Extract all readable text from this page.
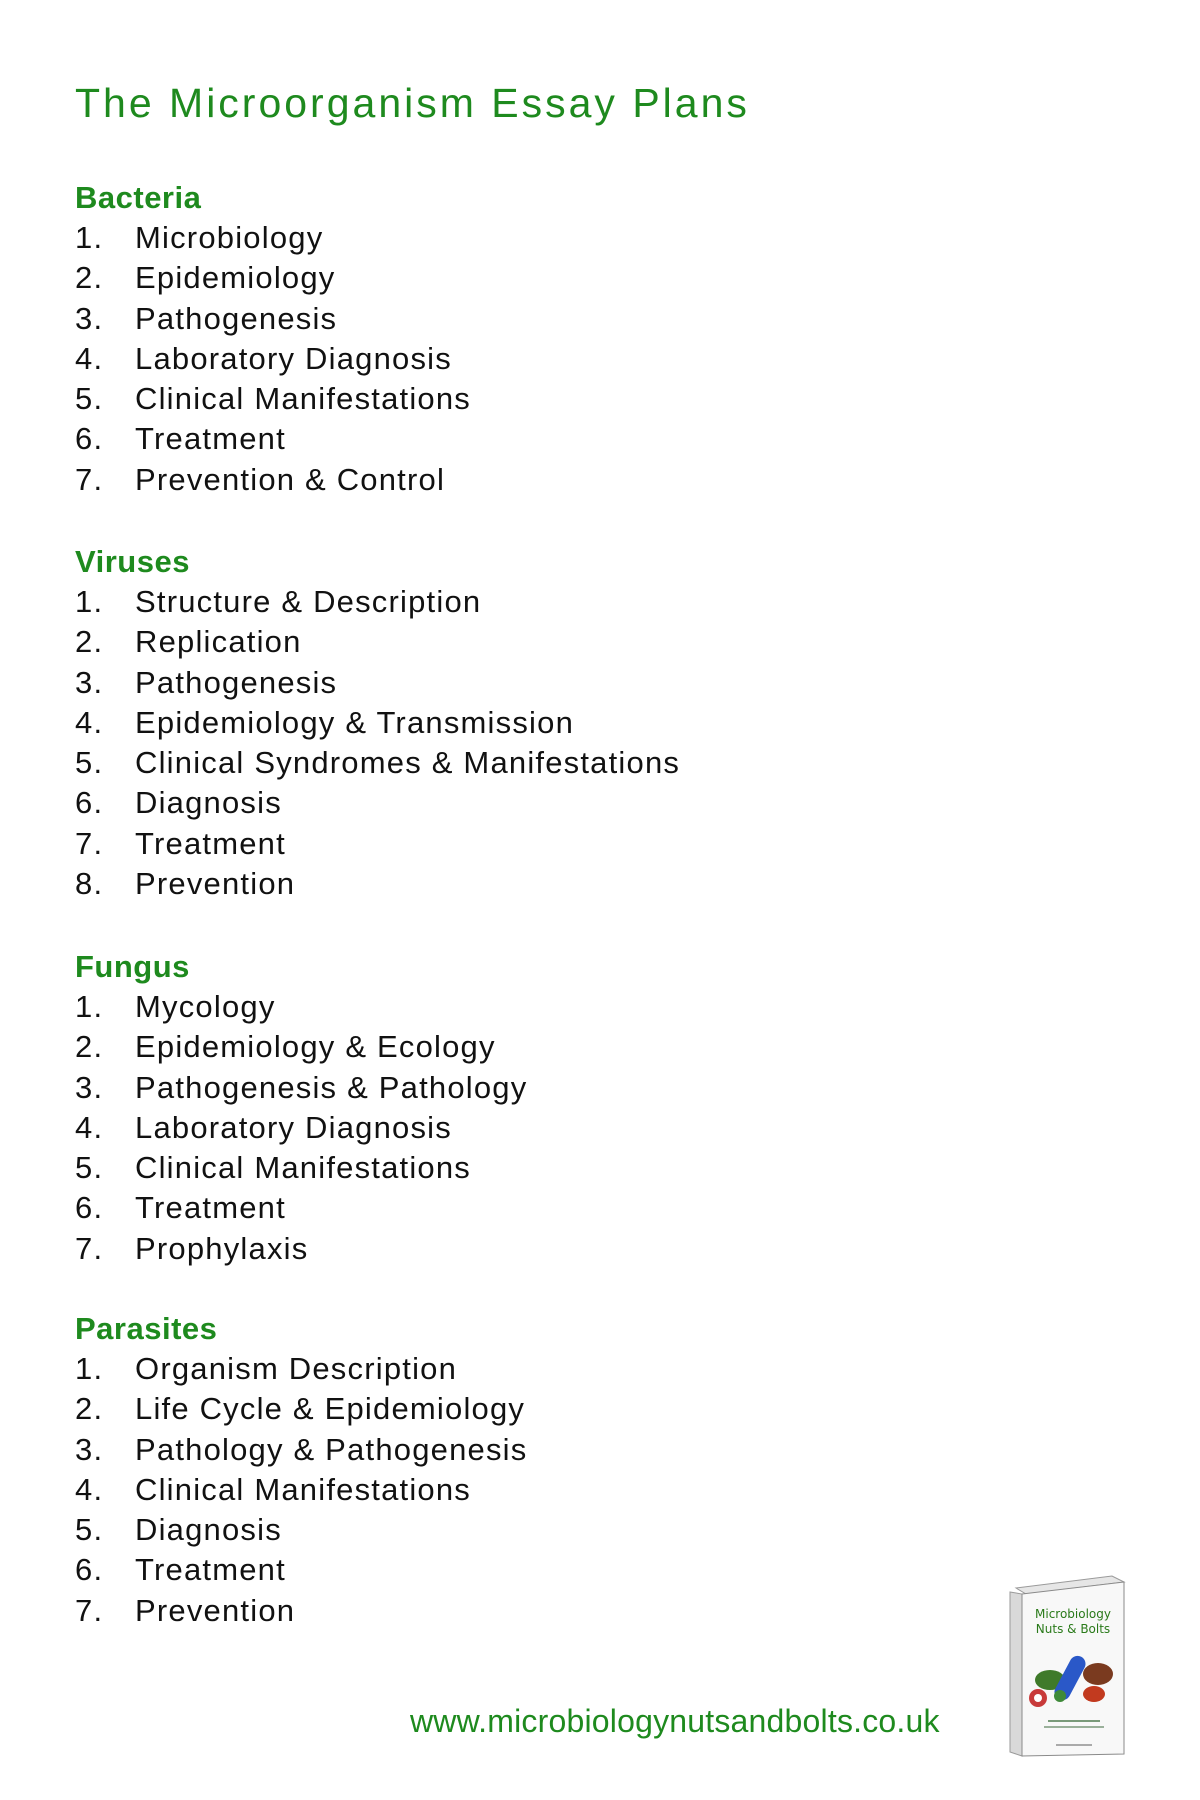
The Microorganism Essay Plans
Bacteria
1.	Microbiology
2.	Epidemiology
3.	Pathogenesis
4.	Laboratory Diagnosis
5.	Clinical Manifestations
6.	Treatment
7.	Prevention & Control
Viruses
1.	Structure & Description
2.	Replication
3.	Pathogenesis
4.	Epidemiology & Transmission
5.	Clinical Syndromes & Manifestations
6.	Diagnosis
7.	Treatment
8.	Prevention
Fungus
1.	Mycology
2.	Epidemiology & Ecology
3.	Pathogenesis & Pathology
4.	Laboratory Diagnosis
5.	Clinical Manifestations
6.	Treatment
7.	Prophylaxis
Parasites
1.	Organism Description
2.	Life Cycle & Epidemiology
3.	Pathology & Pathogenesis
4.	Clinical Manifestations
5.	Diagnosis
6.	Treatment
7.	Prevention
www.microbiologynutsandbolts.co.uk
Microbiology
Nuts & Bolts
